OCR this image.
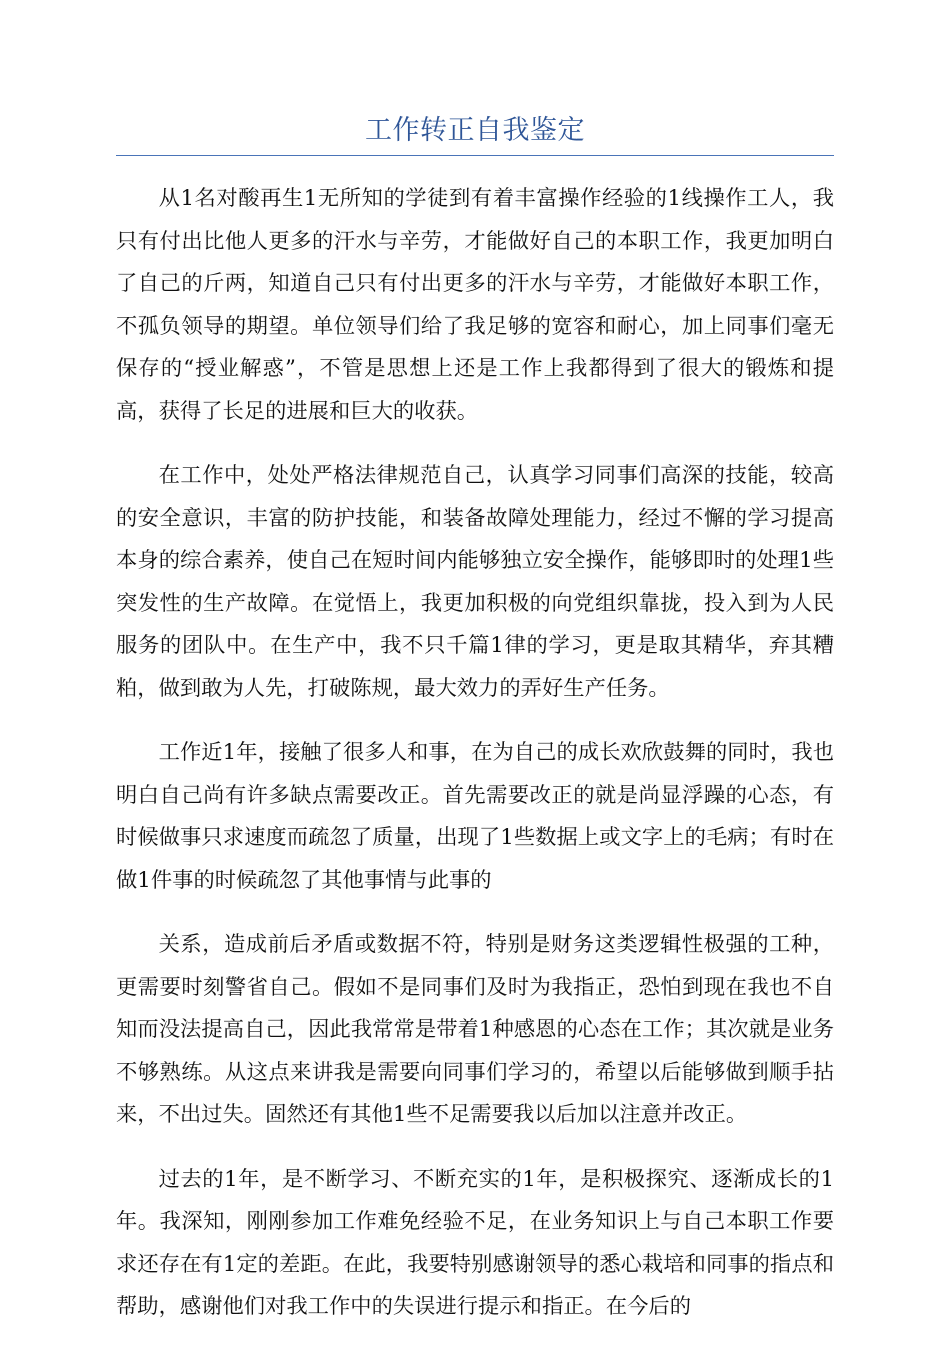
工作转正自我鉴定

从1名对酸再生1无所知的学徒到有着丰富操作经验的1线操作工人，我只有付出比他人更多的汗水与辛劳，才能做好自己的本职工作，我更加明白了自己的斤两，知道自己只有付出更多的汗水与辛劳，才能做好本职工作，不孤负领导的期望。单位领导们给了我足够的宽容和耐心，加上同事们毫无保存的“授业解惑”，不管是思想上还是工作上我都得到了很大的锻炼和提高，获得了长足的进展和巨大的收获。

在工作中，处处严格法律规范自己，认真学习同事们高深的技能，较高的安全意识，丰富的防护技能，和装备故障处理能力，经过不懈的学习提高本身的综合素养，使自己在短时间内能够独立安全操作，能够即时的处理1些突发性的生产故障。在觉悟上，我更加积极的向党组织靠拢，投入到为人民服务的团队中。在生产中，我不只千篇1律的学习，更是取其精华，弃其糟粕，做到敢为人先，打破陈规，最大效力的弄好生产任务。

工作近1年，接触了很多人和事，在为自己的成长欢欣鼓舞的同时，我也明白自己尚有许多缺点需要改正。首先需要改正的就是尚显浮躁的心态，有时候做事只求速度而疏忽了质量，出现了1些数据上或文字上的毛病；有时在做1件事的时候疏忽了其他事情与此事的

关系，造成前后矛盾或数据不符，特别是财务这类逻辑性极强的工种，更需要时刻警省自己。假如不是同事们及时为我指正，恐怕到现在我也不自知而没法提高自己，因此我常常是带着1种感恩的心态在工作；其次就是业务不够熟练。从这点来讲我是需要向同事们学习的，希望以后能够做到顺手拈来，不出过失。固然还有其他1些不足需要我以后加以注意并改正。

过去的1年，是不断学习、不断充实的1年，是积极探究、逐渐成长的1年。我深知，刚刚参加工作难免经验不足，在业务知识上与自己本职工作要求还存在有1定的差距。在此，我要特别感谢领导的悉心栽培和同事的指点和帮助，感谢他们对我工作中的失误进行提示和指正。在今后的
